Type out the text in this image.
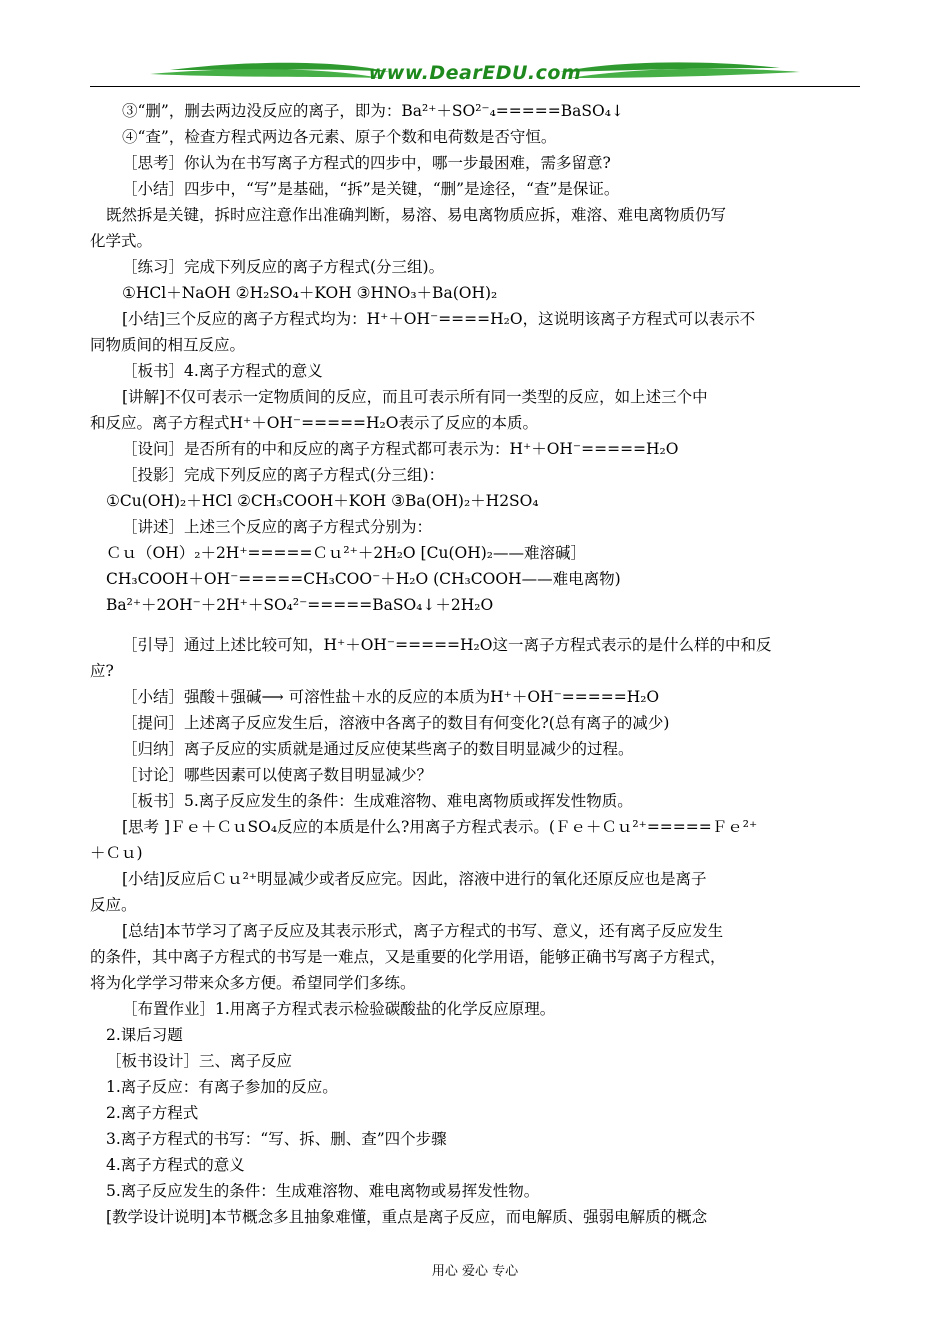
www.DearEDU.com
③“删”，删去两边没反应的离子，即为：Ba²⁺＋SO²⁻₄=====BaSO₄↓
④“查”，检查方程式两边各元素、原子个数和电荷数是否守恒。
［思考］你认为在书写离子方程式的四步中，哪一步最困难，需多留意?
［小结］四步中，“写”是基础，“拆”是关键，“删”是途径，“查”是保证。
既然拆是关键，拆时应注意作出准确判断，易溶、易电离物质应拆，难溶、难电离物质仍写
化学式。
［练习］完成下列反应的离子方程式(分三组)。
①HCl＋NaOH ②H₂SO₄＋KOH ③HNO₃＋Ba(OH)₂
[小结]三个反应的离子方程式均为：H⁺＋OH⁻====H₂O，这说明该离子方程式可以表示不
同物质间的相互反应。
［板书］4.离子方程式的意义
[讲解]不仅可表示一定物质间的反应，而且可表示所有同一类型的反应，如上述三个中
和反应。离子方程式H⁺＋OH⁻=====H₂O表示了反应的本质。
［设问］是否所有的中和反应的离子方程式都可表示为：H⁺＋OH⁻=====H₂O
［投影］完成下列反应的离子方程式(分三组)：
①Cu(OH)₂＋HCl ②CH₃COOH＋KOH ③Ba(OH)₂＋H2SO₄
［讲述］上述三个反应的离子方程式分别为：
Ｃｕ（OH）₂＋2H⁺=====Ｃｕ²⁺＋2H₂O [Cu(OH)₂——难溶碱］
CH₃COOH＋OH⁻=====CH₃COO⁻＋H₂O (CH₃COOH——难电离物)
Ba²⁺＋2OH⁻＋2H⁺＋SO₄²⁻=====BaSO₄↓＋2H₂O
［引导］通过上述比较可知，H⁺＋OH⁻=====H₂O这一离子方程式表示的是什么样的中和反
应?
［小结］强酸＋强碱⟶ 可溶性盐＋水的反应的本质为H⁺＋OH⁻=====H₂O
［提问］上述离子反应发生后，溶液中各离子的数目有何变化?(总有离子的减少)
［归纳］离子反应的实质就是通过反应使某些离子的数目明显减少的过程。
［讨论］哪些因素可以使离子数目明显减少？
［板书］5.离子反应发生的条件：生成难溶物、难电离物质或挥发性物质。
[思考 ]Ｆｅ＋ＣｕSO₄反应的本质是什么?用离子方程式表示。(Ｆｅ＋Ｃｕ²⁺=====Ｆｅ²⁺
＋Ｃｕ)
[小结]反应后Ｃｕ²⁺明显减少或者反应完。因此，溶液中进行的氧化还原反应也是离子
反应。
[总结]本节学习了离子反应及其表示形式，离子方程式的书写、意义，还有离子反应发生
的条件，其中离子方程式的书写是一难点，又是重要的化学用语，能够正确书写离子方程式，
将为化学学习带来众多方便。希望同学们多练。
［布置作业］1.用离子方程式表示检验碳酸盐的化学反应原理。
2.课后习题
［板书设计］三、离子反应
1.离子反应：有离子参加的反应。
2.离子方程式
3.离子方程式的书写：“写、拆、删、查”四个步骤
4.离子方程式的意义
5.离子反应发生的条件：生成难溶物、难电离物或易挥发性物。
[教学设计说明]本节概念多且抽象难懂，重点是离子反应，而电解质、强弱电解质的概念
用心 爱心 专心
